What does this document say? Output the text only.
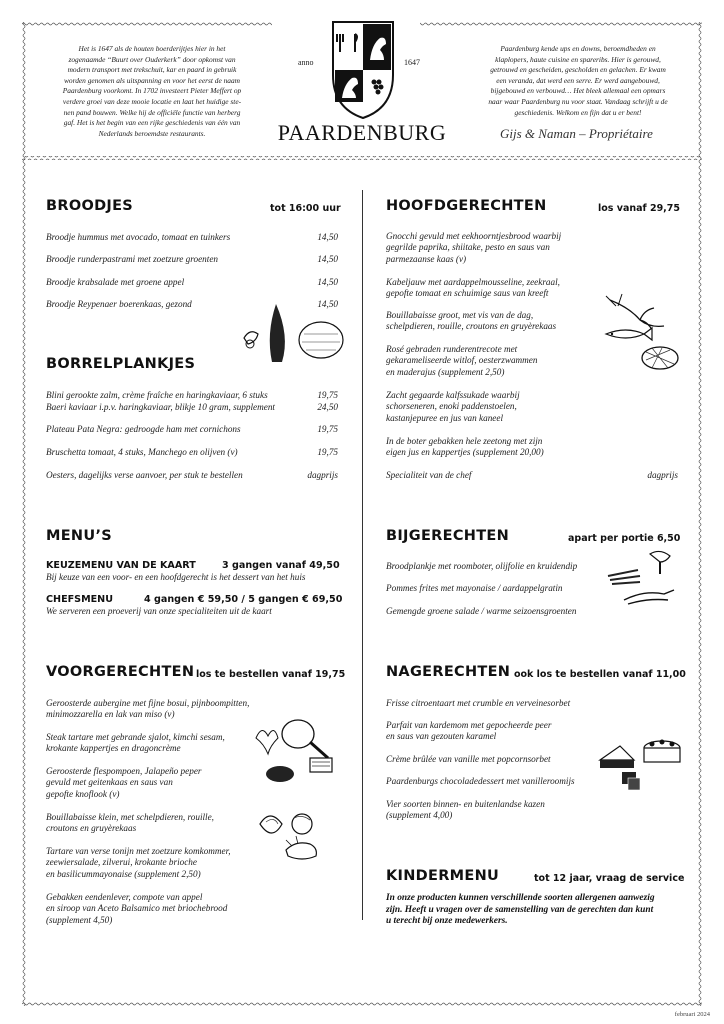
Het is 1647 als de houten boerderijtjes hier in het
zogenaamde “Buurt over Ouderkerk” door opkomst van
modern transport met trekschuit, kar en paard in gebruik
worden genomen als uitspanning en voor het eerst de naam
Paardenburg voorkomt. In 1702 investeert Pieter Meffert op
verdere groei van deze mooie locatie en laat het huidige ste-
nen pand bouwen. Welke hij de officiële functie van herberg
gaf. Het is het begin van een rijke geschiedenis van één van
Nederlands beroemdste restaurants.
Paardenburg kende ups en downs, beroemdheden en
klaplopers, haute cuisine en spareribs. Hier is gerouwd,
getrouwd en gescheiden, gescholden en gelachen. Er kwam
een veranda, dat werd een serre. Er werd aangebouwd,
bijgebouwd en verbouwd… Het bleek allemaal een opmars
naar waar Paardenburg nu voor staat. Vandaag schrijft u de
geschiedenis. Welkom en fijn dat u er bent!
anno	1647
PAARDENBURG	Gijs & Naman – Propriétaire
BROODJES	tot 16:00 uur
Broodje hummus met avocado, tomaat en tuinkers	14,50
Broodje runderpastrami met zoetzure groenten	14,50
Broodje krabsalade met groene appel	14,50
Broodje Reypenaer boerenkaas, gezond	14,50
BORRELPLANKJES
Blini gerookte zalm, crème fraîche en haringkaviaar, 6 stuks	19,75
Baeri kaviaar i.p.v. haringkaviaar, blikje 10 gram, supplement	24,50
Plateau Pata Negra: gedroogde ham met cornichons	19,75
Bruschetta tomaat, 4 stuks, Manchego en olijven (v)	19,75
Oesters, dagelijks verse aanvoer, per stuk te bestellen	dagprijs
HOOFDGERECHTEN	los vanaf 29,75
Gnocchi gevuld met eekhoorntjesbrood waarbij
gegrilde paprika, shiitake, pesto en saus van
parmezaanse kaas (v)
Kabeljauw met aardappelmousseline, zeekraal,
gepofte tomaat en schuimige saus van kreeft
Bouillabaisse groot, met vis van de dag,
schelpdieren, rouille, croutons en gruyèrekaas
Rosé gebraden runderentrecote met
gekarameliseerde witlof, oesterzwammen
en maderajus (supplement 2,50)
Zacht gegaarde kalfssukade waarbij
schorseneren, enoki paddenstoelen,
kastanjepuree en jus van kaneel
In de boter gebakken hele zeetong met zijn
eigen jus en kappertjes (supplement 20,00)
Specialiteit van de chef	dagprijs
MENU’S
KEUZEMENU VAN DE KAART	3 gangen vanaf 49,50
Bij keuze van een voor- en een hoofdgerecht is het dessert van het huis
CHEFSMENU	4 gangen € 59,50 / 5 gangen € 69,50
We serveren een proeverij van onze specialiteiten uit de kaart
BIJGERECHTEN	apart per portie 6,50
Broodplankje met roomboter, olijfolie en kruidendip
Pommes frites met mayonaise / aardappelgratin
Gemengde groene salade / warme seizoensgroenten
VOORGERECHTEN los te bestellen vanaf 19,75
Geroosterde aubergine met fijne bosui, pijnboompitten,
minimozzarella en lak van miso (v)
Steak tartare met gebrande sjalot, kimchi sesam,
krokante kappertjes en dragoncrème
Geroosterde flespompoen, Jalapeño peper
gevuld met geitenkaas en saus van
gepofte knoflook (v)
Bouillabaisse klein, met schelpdieren, rouille,
croutons en gruyèrekaas
Tartare van verse tonijn met zoetzure komkommer,
zeewiersalade, zilverui, krokante brioche
en basilicummayonaise (supplement 2,50)
Gebakken eendenlever, compote van appel
en siroop van Aceto Balsamico met briochebrood
(supplement 4,50)
NAGERECHTEN ook los te bestellen vanaf 11,00
Frisse citroentaart met crumble en verveinesorbet
Parfait van kardemom met gepocheerde peer
en saus van gezouten karamel
Crème brûlée van vanille met popcornsorbet
Paardenburgs chocoladedessert met vanilleroomijs
Vier soorten binnen- en buitenlandse kazen
(supplement 4,00)
KINDERMENU	tot 12 jaar, vraag de service
In onze producten kunnen verschillende soorten allergenen aanwezig
zijn. Heeft u vragen over de samenstelling van de gerechten dan kunt
u terecht bij onze medewerkers.
februari 2024
